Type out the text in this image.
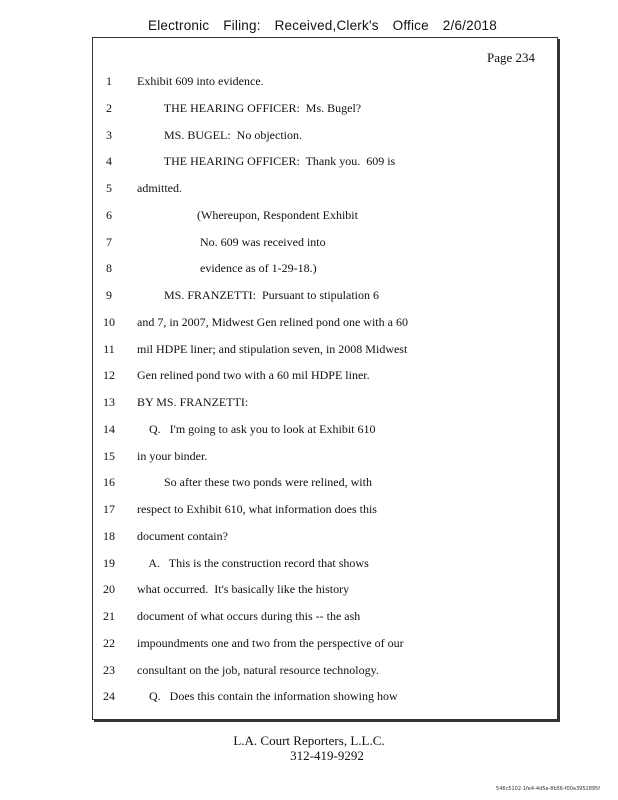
Electronic Filing: Received,Clerk's Office 2/6/2018
Page 234
1	Exhibit 609 into evidence.
2	THE HEARING OFFICER:  Ms. Bugel?
3	MS. BUGEL:  No objection.
4	THE HEARING OFFICER:  Thank you.  609 is
5	admitted.
6	(Whereupon, Respondent Exhibit
7	No. 609 was received into
8	evidence as of 1-29-18.)
9	MS. FRANZETTI:  Pursuant to stipulation 6
10	and 7, in 2007, Midwest Gen relined pond one with a 60
11	mil HDPE liner; and stipulation seven, in 2008 Midwest
12	Gen relined pond two with a 60 mil HDPE liner.
13	BY MS. FRANZETTI:
14	Q.   I'm going to ask you to look at Exhibit 610
15	in your binder.
16	So after these two ponds were relined, with
17	respect to Exhibit 610, what information does this
18	document contain?
19	A.   This is the construction record that shows
20	what occurred.  It's basically like the history
21	document of what occurs during this -- the ash
22	impoundments one and two from the perspective of our
23	consultant on the job, natural resource technology.
24	Q.   Does this contain the information showing how
L.A. Court Reporters, L.L.C.
312-419-9292
546c5102-1fe4-4d5a-8b56-f00a3952895f
